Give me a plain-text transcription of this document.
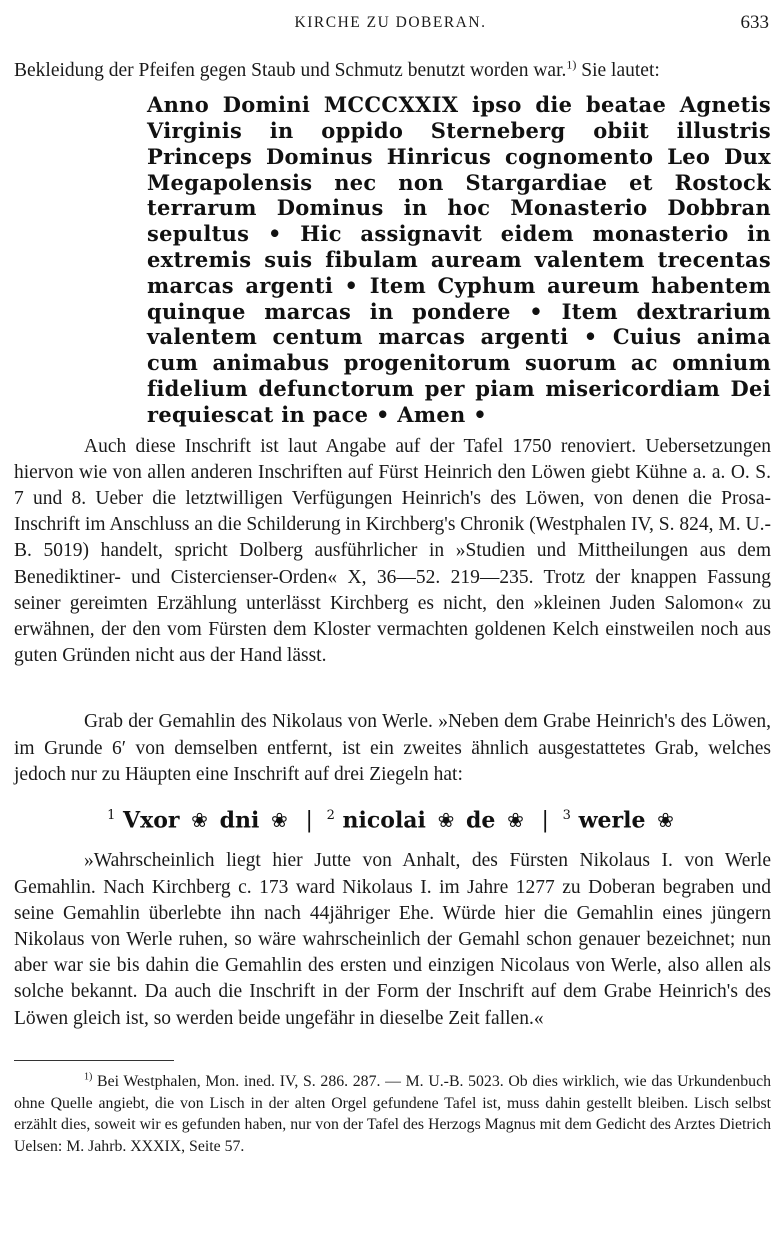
KIRCHE ZU DOBERAN.	633

Bekleidung der Pfeifen gegen Staub und Schmutz benutzt worden war.$^{1)}$ Sie lautet:

Anno Domini MCCCXXIX ipso die beatae Agnetis Virginis in oppido Sterneberg obiit illustris Princeps Dominus Hinricus cognomento Leo Dux Megapolensis nec non Stargardiae et Rostock terrarum Dominus in hoc Monasterio Dobbran sepultus • Hic assignavit eidem monasterio in extremis suis fibulam auream valentem trecentas marcas argenti • Item Cyphum aureum habentem quinque marcas in pondere • Item dextrarium valentem centum marcas argenti • Cuius anima cum animabus progenitorum suorum ac omnium fidelium defunctorum per piam misericordiam Dei requiescat in pace • Amen •

Auch diese Inschrift ist laut Angabe auf der Tafel 1750 renoviert. Uebersetzungen hiervon wie von allen anderen Inschriften auf Fürst Heinrich den Löwen giebt Kühne a. a. O. S. 7 und 8. Ueber die letztwilligen Verfügungen Heinrich's des Löwen, von denen die Prosa-Inschrift im Anschluss an die Schilderung in Kirchberg's Chronik (Westphalen IV, S. 824, M. U.-B. 5019) handelt, spricht Dolberg ausführlicher in »Studien und Mittheilungen aus dem Benediktiner- und Cistercienser-Orden« X, 36—52. 219—235. Trotz der knappen Fassung seiner gereimten Erzählung unterlässt Kirchberg es nicht, den »kleinen Juden Salomon« zu erwähnen, der den vom Fürsten dem Kloster vermachten goldenen Kelch einstweilen noch aus guten Gründen nicht aus der Hand lässt.

Grab der Gemahlin des Nikolaus von Werle. »Neben dem Grabe Heinrich's des Löwen, im Grunde 6′ von demselben entfernt, ist ein zweites ähnlich ausgestattetes Grab, welches jedoch nur zu Häupten eine Inschrift auf drei Ziegeln hat:

$^1$ Vxor ❀ dni ❀ | $^2$ nicolai ❀ de ❀ | $^3$ werle ❀

»Wahrscheinlich liegt hier Jutte von Anhalt, des Fürsten Nikolaus I. von Werle Gemahlin. Nach Kirchberg c. 173 ward Nikolaus I. im Jahre 1277 zu Doberan begraben und seine Gemahlin überlebte ihn nach 44jähriger Ehe. Würde hier die Gemahlin eines jüngern Nikolaus von Werle ruhen, so wäre wahrscheinlich der Gemahl schon genauer bezeichnet; nun aber war sie bis dahin die Gemahlin des ersten und einzigen Nicolaus von Werle, also allen als solche bekannt. Da auch die Inschrift in der Form der Inschrift auf dem Grabe Heinrich's des Löwen gleich ist, so werden beide ungefähr in dieselbe Zeit fallen.«

$^{1)}$ Bei Westphalen, Mon. ined. IV, S. 286. 287. — M. U.-B. 5023. Ob dies wirklich, wie das Urkundenbuch ohne Quelle angiebt, die von Lisch in der alten Orgel gefundene Tafel ist, muss dahin gestellt bleiben. Lisch selbst erzählt dies, soweit wir es gefunden haben, nur von der Tafel des Herzogs Magnus mit dem Gedicht des Arztes Dietrich Uelsen: M. Jahrb. XXXIX, Seite 57.
